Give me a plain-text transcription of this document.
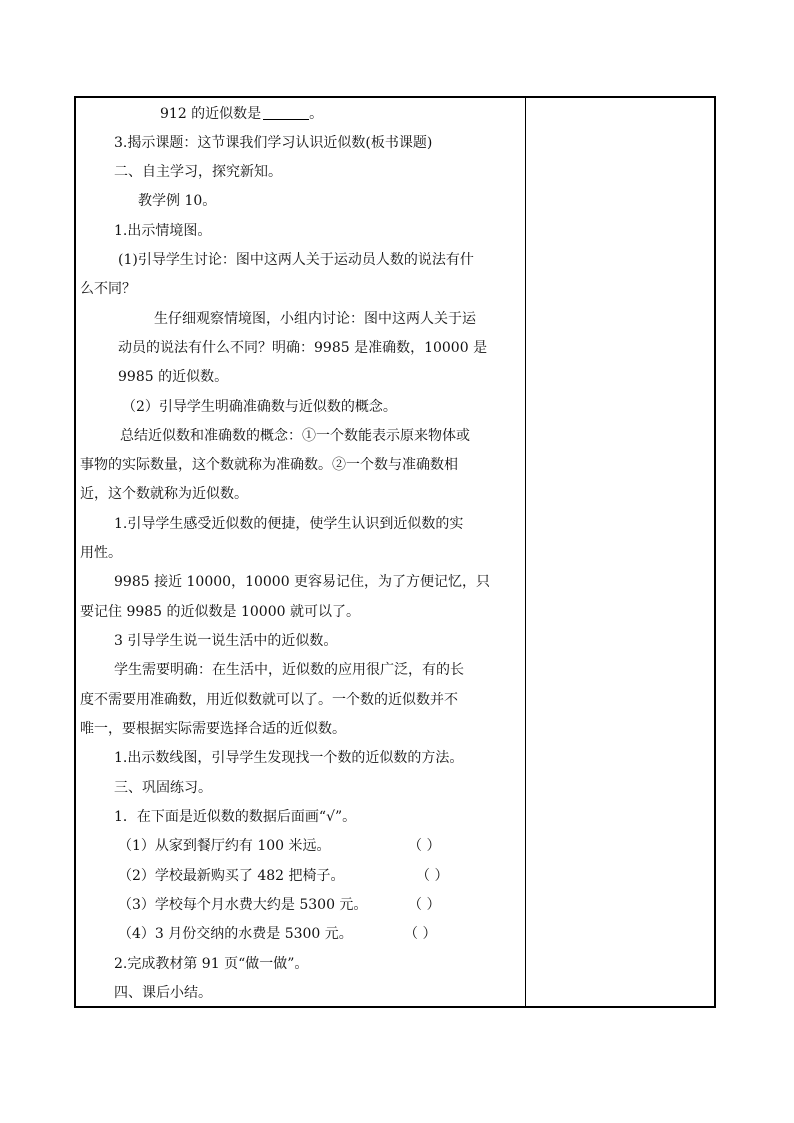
912 的近似数是	。
3.揭示课题：这节课我们学习认识近似数(板书课题)
二、自主学习，探究新知。
教学例 10。
1.出示情境图。
(1)引导学生讨论：图中这两人关于运动员人数的说法有什
么不同？
生仔细观察情境图，小组内讨论：图中这两人关于运
动员的说法有什么不同？明确：9985 是准确数，10000 是
9985 的近似数。
（2）引导学生明确准确数与近似数的概念。
总结近似数和准确数的概念：①一个数能表示原来物体或
事物的实际数量，这个数就称为准确数。②一个数与准确数相
近，这个数就称为近似数。
1.引导学生感受近似数的便捷，使学生认识到近似数的实
用性。
9985 接近 10000，10000 更容易记住，为了方便记忆，只
要记住 9985 的近似数是 10000 就可以了。
3 引导学生说一说生活中的近似数。
学生需要明确：在生活中，近似数的应用很广泛，有的长
度不需要用准确数，用近似数就可以了。一个数的近似数并不
唯一，要根据实际需要选择合适的近似数。
1.出示数线图，引导学生发现找一个数的近似数的方法。
三、巩固练习。
1．在下面是近似数的数据后面画“√”。
（1）从家到餐厅约有 100 米远。	（ ）
（2）学校最新购买了 482 把椅子。	（ ）
（3）学校每个月水费大约是 5300 元。	（ ）
（4）3 月份交纳的水费是 5300 元。	（ ）
2.完成教材第 91 页“做一做”。
四、课后小结。
